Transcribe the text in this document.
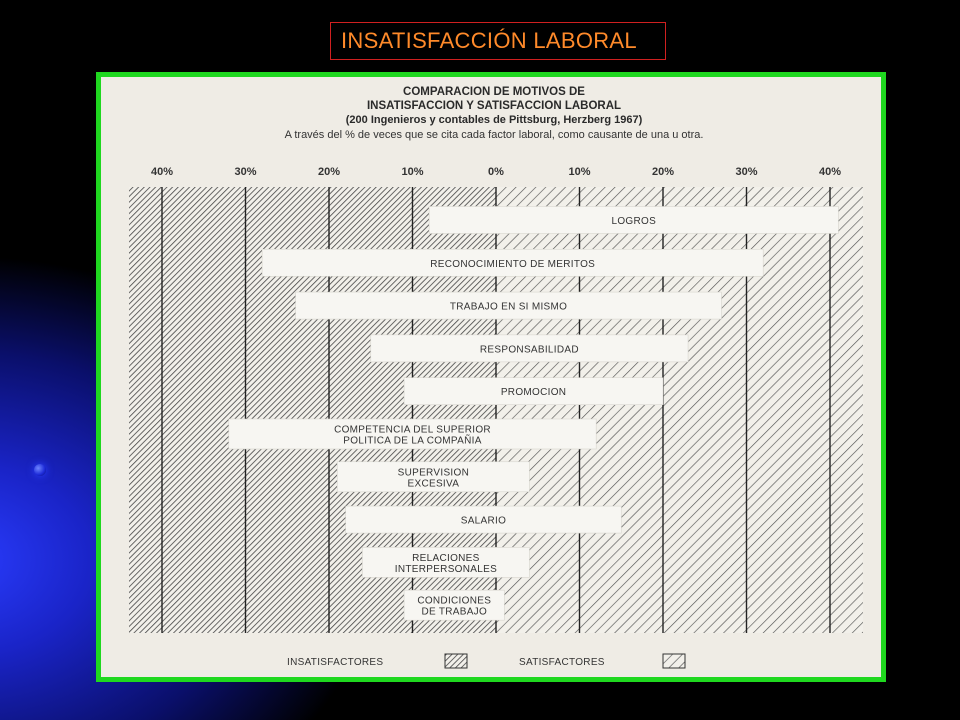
INSATISFACCIÓN LABORAL
COMPARACION DE MOTIVOS DE
INSATISFACCION Y SATISFACCION LABORAL
(200 Ingenieros y contables de Pittsburg, Herzberg 1967)
A través del % de veces que se cita cada factor laboral, como causante de una u otra.
40%	30%	20%	10%	0%	10%	20%	30%	40%
LOGROS
RECONOCIMIENTO DE MERITOS
TRABAJO EN SI MISMO
RESPONSABILIDAD
PROMOCION
COMPETENCIA DEL SUPERIOR
POLITICA DE LA COMPAÑIA
SUPERVISION
EXCESIVA
SALARIO
RELACIONES
INTERPERSONALES
CONDICIONES
DE TRABAJO
INSATISFACTORES	SATISFACTORES
